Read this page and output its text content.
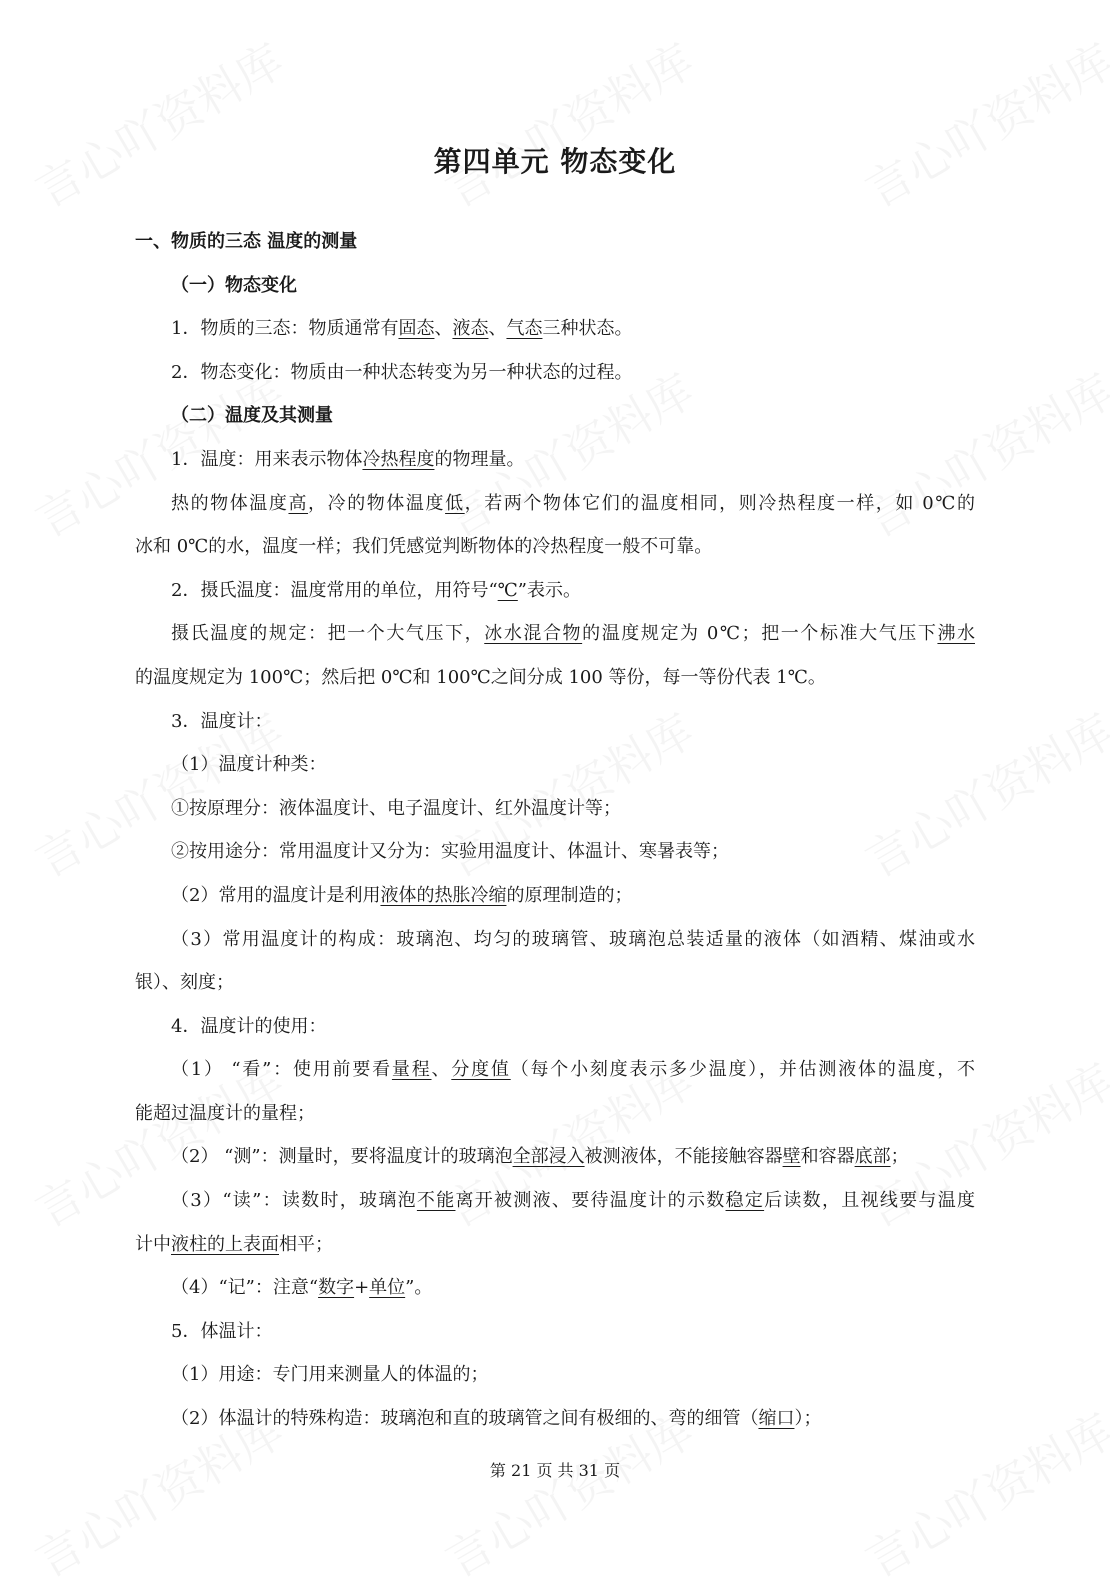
第四单元 物态变化
一、物质的三态 温度的测量
（一）物态变化
1．物质的三态：物质通常有固态、液态、气态三种状态。
2．物态变化：物质由一种状态转变为另一种状态的过程。
（二）温度及其测量
1．温度：用来表示物体冷热程度的物理量。
热的物体温度高，冷的物体温度低，若两个物体它们的温度相同，则冷热程度一样，如 0℃的
冰和 0℃的水，温度一样；我们凭感觉判断物体的冷热程度一般不可靠。
2．摄氏温度：温度常用的单位，用符号“℃”表示。
摄氏温度的规定：把一个大气压下，冰水混合物的温度规定为 0℃；把一个标准大气压下沸水
的温度规定为 100℃；然后把 0℃和 100℃之间分成 100 等份，每一等份代表 1℃。
3．温度计：
（1）温度计种类：
①按原理分：液体温度计、电子温度计、红外温度计等；
②按用途分：常用温度计又分为：实验用温度计、体温计、寒暑表等；
（2）常用的温度计是利用液体的热胀冷缩的原理制造的；
（3）常用温度计的构成：玻璃泡、均匀的玻璃管、玻璃泡总装适量的液体（如酒精、煤油或水
银）、刻度；
4．温度计的使用：
（1） “看”：使用前要看量程、分度值（每个小刻度表示多少温度），并估测液体的温度，不
能超过温度计的量程；
（2） “测”：测量时，要将温度计的玻璃泡全部浸入被测液体，不能接触容器壁和容器底部；
（3）“读”：读数时，玻璃泡不能离开被测液、要待温度计的示数稳定后读数，且视线要与温度
计中液柱的上表面相平；
（4）“记”：注意“数字+单位”。
5．体温计：
（1）用途：专门用来测量人的体温的；
（2）体温计的特殊构造：玻璃泡和直的玻璃管之间有极细的、弯的细管（缩口）；
第 21 页 共 31 页
